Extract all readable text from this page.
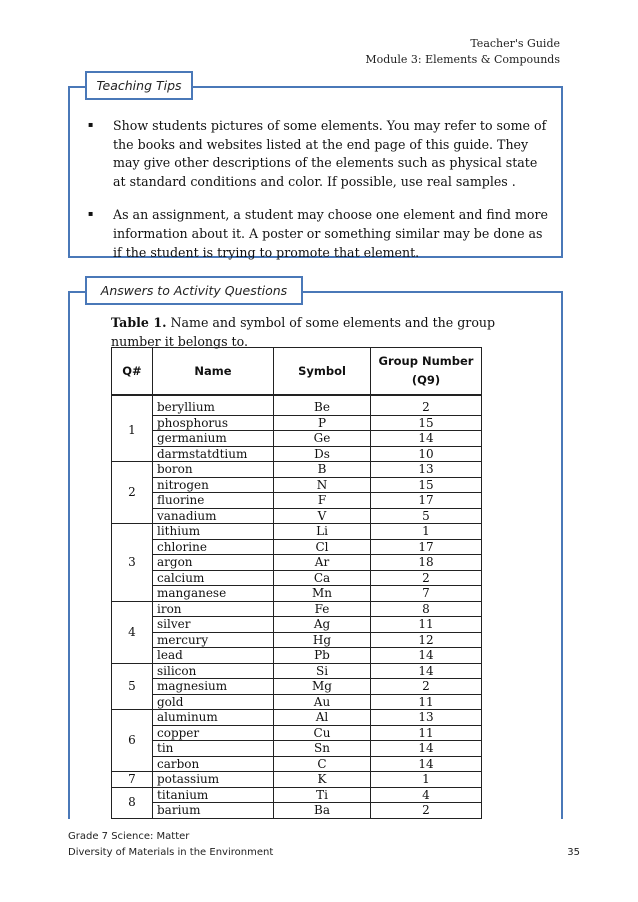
Teacher's Guide
Module 3: Elements & Compounds
Teaching Tips
▪ Show students pictures of some elements. You may refer to some of the books and websites listed at the end page of this guide. They may give other descriptions of the elements such as physical state at standard conditions and color. If possible, use real samples .
▪ As an assignment, a student may choose one element and find more information about it. A poster or something similar may be done as if the student is trying to promote that element.
Answers to Activity Questions
Table 1. Name and symbol of some elements and the group number it belongs to.
Q#	Name	Symbol	Group Number
(Q9)

1	beryllium	Be	2
	phosphorus	P	15
	germanium	Ge	14
	darmstatdtium	Ds	10
2	boron	B	13
	nitrogen	N	15
	fluorine	F	17
	vanadium	V	5
3	lithium	Li	1
	chlorine	Cl	17
	argon	Ar	18
	calcium	Ca	2
	manganese	Mn	7
4	iron	Fe	8
	silver	Ag	11
	mercury	Hg	12
	lead	Pb	14
5	silicon	Si	14
	magnesium	Mg	2
	gold	Au	11
6	aluminum	Al	13
	copper	Cu	11
	tin	Sn	14
	carbon	C	14
7	potassium	K	1
8	titanium	Ti	4
	barium	Ba	2
Grade 7 Science: Matter
Diversity of Materials in the Environment	35
